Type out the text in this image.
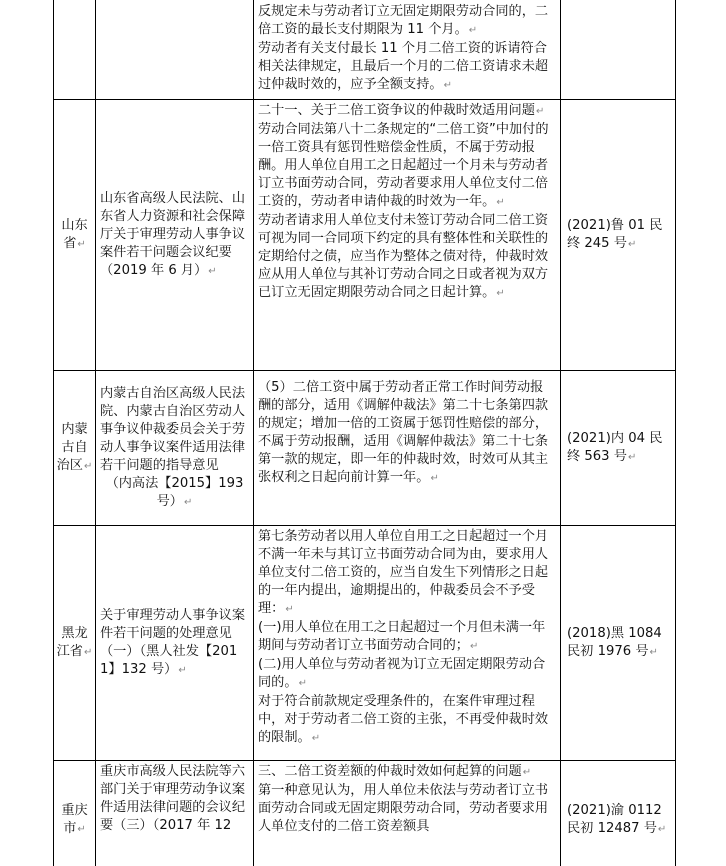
		反规定未与劳动者订立无固定期限劳动合同的，二倍工资的最长支付期限为 11 个月。↵

劳动者有关支付最长 11 个月二倍工资的诉请符合相关法律规定，且最后一个月的二倍工资请求未超过仲裁时效的，应予全额支持。↵	

山东省↵	山东省高级人民法院、山东省人力资源和社会保障厅关于审理劳动人事争议案件若干问题会议纪要（2019 年 6 月）↵	二十一、关于二倍工资争议的仲裁时效适用问题↵

劳动合同法第八十二条规定的“二倍工资”中加付的一倍工资具有惩罚性赔偿金性质，不属于劳动报酬。用人单位自用工之日起超过一个月未与劳动者订立书面劳动合同，劳动者要求用人单位支付二倍工资的，劳动者申请仲裁的时效为一年。↵

劳动者请求用人单位支付未签订劳动合同二倍工资可视为同一合同项下约定的具有整体性和关联性的定期给付之债，应当作为整体之债对待，仲裁时效应从用人单位与其补订劳动合同之日或者视为双方已订立无固定期限劳动合同之日起计算。↵	(2021)鲁 01 民终 245 号↵
内蒙古自治区↵	内蒙古自治区高级人民法院、内蒙古自治区劳动人事争议仲裁委员会关于劳动人事争议案件适用法律若干问题的指导意见
（内高法【2015】193 号）↵	（5）二倍工资中属于劳动者正常工作时间劳动报酬的部分，适用《调解仲裁法》第二十七条第四款的规定；增加一倍的工资属于惩罚性赔偿的部分，不属于劳动报酬，适用《调解仲裁法》第二十七条第一款的规定，即一年的仲裁时效，时效可从其主张权利之日起向前计算一年。↵	(2021)内 04 民终 563 号↵
黑龙江省↵	关于审理劳动人事争议案件若干问题的处理意见（一）（黑人社发【2011】132 号）↵	第七条劳动者以用人单位自用工之日起超过一个月不满一年未与其订立书面劳动合同为由，要求用人单位支付二倍工资的，应当自发生下列情形之日起的一年内提出，逾期提出的，仲裁委员会不予受理：↵

(一)用人单位在用工之日起超过一个月但未满一年期间与劳动者订立书面劳动合同的；↵

(二)用人单位与劳动者视为订立无固定期限劳动合同的。↵

对于符合前款规定受理条件的，在案件审理过程中，对于劳动者二倍工资的主张，不再受仲裁时效的限制。↵	(2018)黑 1084 民初 1976 号↵
重庆市↵	重庆市高级人民法院等六部门关于审理劳动争议案件适用法律问题的会议纪要（三）（2017 年 12	三、二倍工资差额的仲裁时效如何起算的问题↵

第一种意见认为，用人单位未依法与劳动者订立书面劳动合同或无固定期限劳动合同，劳动者要求用人单位支付的二倍工资差额具	(2021)渝 0112 民初 12487 号↵
